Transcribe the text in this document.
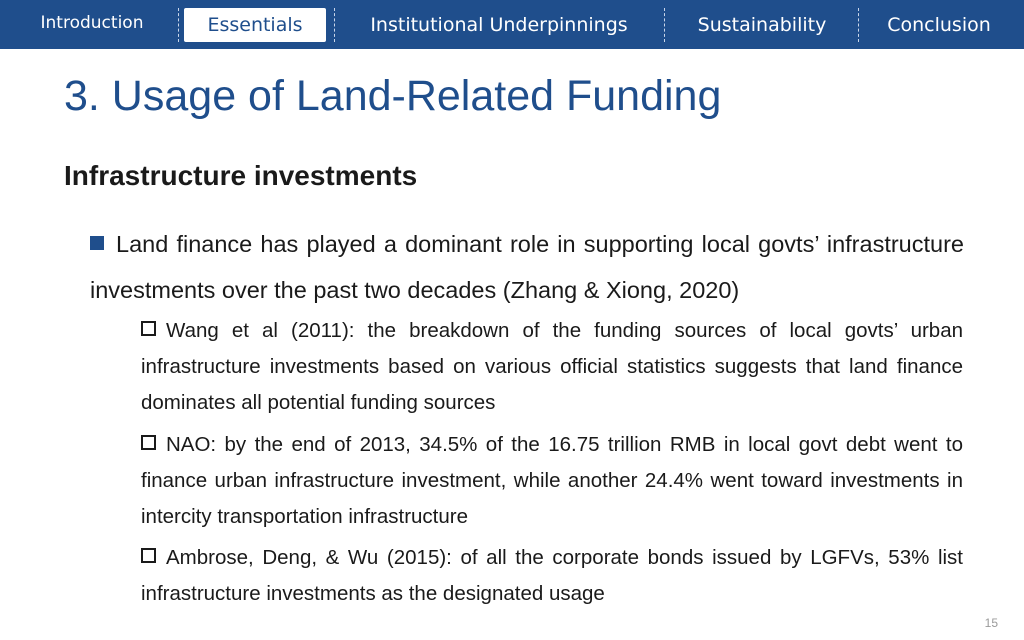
Introduction	Essentials	Institutional Underpinnings	Sustainability	Conclusion
3. Usage of Land-Related Funding
Infrastructure investments

Land finance has played a dominant role in supporting local govts’ infrastructure investments over the past two decades (Zhang & Xiong, 2020)

Wang et al (2011): the breakdown of the funding sources of local govts’ urban infrastructure investments based on various official statistics suggests that land finance dominates all potential funding sources

NAO: by the end of 2013, 34.5% of the 16.75 trillion RMB in local govt debt went to finance urban infrastructure investment, while another 24.4% went toward investments in intercity transportation infrastructure

Ambrose, Deng, & Wu (2015): of all the corporate bonds issued by LGFVs, 53% list infrastructure investments as the designated usage

15
